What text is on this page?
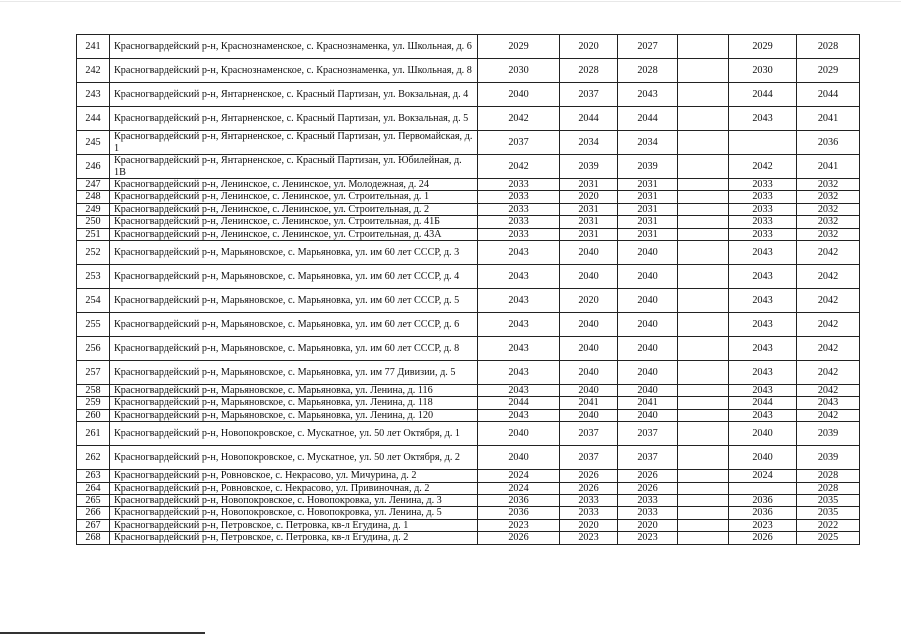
241	Красногвардейский р-н, Краснознаменское, с. Краснознаменка, ул. Школьная, д. 6	2029	2020	2027		2029	2028
242	Красногвардейский р-н, Краснознаменское, с. Краснознаменка, ул. Школьная, д. 8	2030	2028	2028		2030	2029
243	Красногвардейский р-н, Янтарненское, с. Красный Партизан, ул. Вокзальная, д. 4	2040	2037	2043		2044	2044
244	Красногвардейский р-н, Янтарненское, с. Красный Партизан, ул. Вокзальная, д. 5	2042	2044	2044		2043	2041
245	Красногвардейский р-н, Янтарненское, с. Красный Партизан, ул. Первомайская, д. 1	2037	2034	2034			2036
246	Красногвардейский р-н, Янтарненское, с. Красный Партизан, ул. Юбилейная, д. 1В	2042	2039	2039		2042	2041
247	Красногвардейский р-н, Ленинское, с. Ленинское, ул. Молодежная, д. 24	2033	2031	2031		2033	2032
248	Красногвардейский р-н, Ленинское, с. Ленинское, ул. Строительная, д. 1	2033	2020	2031		2033	2032
249	Красногвардейский р-н, Ленинское, с. Ленинское, ул. Строительная, д. 2	2033	2031	2031		2033	2032
250	Красногвардейский р-н, Ленинское, с. Ленинское, ул. Строительная, д. 41Б	2033	2031	2031		2033	2032
251	Красногвардейский р-н, Ленинское, с. Ленинское, ул. Строительная, д. 43А	2033	2031	2031		2033	2032
252	Красногвардейский р-н, Марьяновское, с. Марьяновка, ул. им 60 лет СССР, д. 3	2043	2040	2040		2043	2042
253	Красногвардейский р-н, Марьяновское, с. Марьяновка, ул. им 60 лет СССР, д. 4	2043	2040	2040		2043	2042
254	Красногвардейский р-н, Марьяновское, с. Марьяновка, ул. им 60 лет СССР, д. 5	2043	2020	2040		2043	2042
255	Красногвардейский р-н, Марьяновское, с. Марьяновка, ул. им 60 лет СССР, д. 6	2043	2040	2040		2043	2042
256	Красногвардейский р-н, Марьяновское, с. Марьяновка, ул. им 60 лет СССР, д. 8	2043	2040	2040		2043	2042
257	Красногвардейский р-н, Марьяновское, с. Марьяновка, ул. им 77 Дивизии, д. 5	2043	2040	2040		2043	2042
258	Красногвардейский р-н, Марьяновское, с. Марьяновка, ул. Ленина, д. 116	2043	2040	2040		2043	2042
259	Красногвардейский р-н, Марьяновское, с. Марьяновка, ул. Ленина, д. 118	2044	2041	2041		2044	2043
260	Красногвардейский р-н, Марьяновское, с. Марьяновка, ул. Ленина, д. 120	2043	2040	2040		2043	2042
261	Красногвардейский р-н, Новопокровское, с. Мускатное, ул. 50 лет Октября, д. 1	2040	2037	2037		2040	2039
262	Красногвардейский р-н, Новопокровское, с. Мускатное, ул. 50 лет Октября, д. 2	2040	2037	2037		2040	2039
263	Красногвардейский р-н, Ровновское, с. Некрасово, ул. Мичурина, д. 2	2024	2026	2026		2024	2028
264	Красногвардейский р-н, Ровновское, с. Некрасово, ул. Привиночная, д. 2	2024	2026	2026			2028
265	Красногвардейский р-н, Новопокровское, с. Новопокровка, ул. Ленина, д. 3	2036	2033	2033		2036	2035
266	Красногвардейский р-н, Новопокровское, с. Новопокровка, ул. Ленина, д. 5	2036	2033	2033		2036	2035
267	Красногвардейский р-н, Петровское, с. Петровка, кв-л Егудина, д. 1	2023	2020	2020		2023	2022
268	Красногвардейский р-н, Петровское, с. Петровка, кв-л Егудина, д. 2	2026	2023	2023		2026	2025
